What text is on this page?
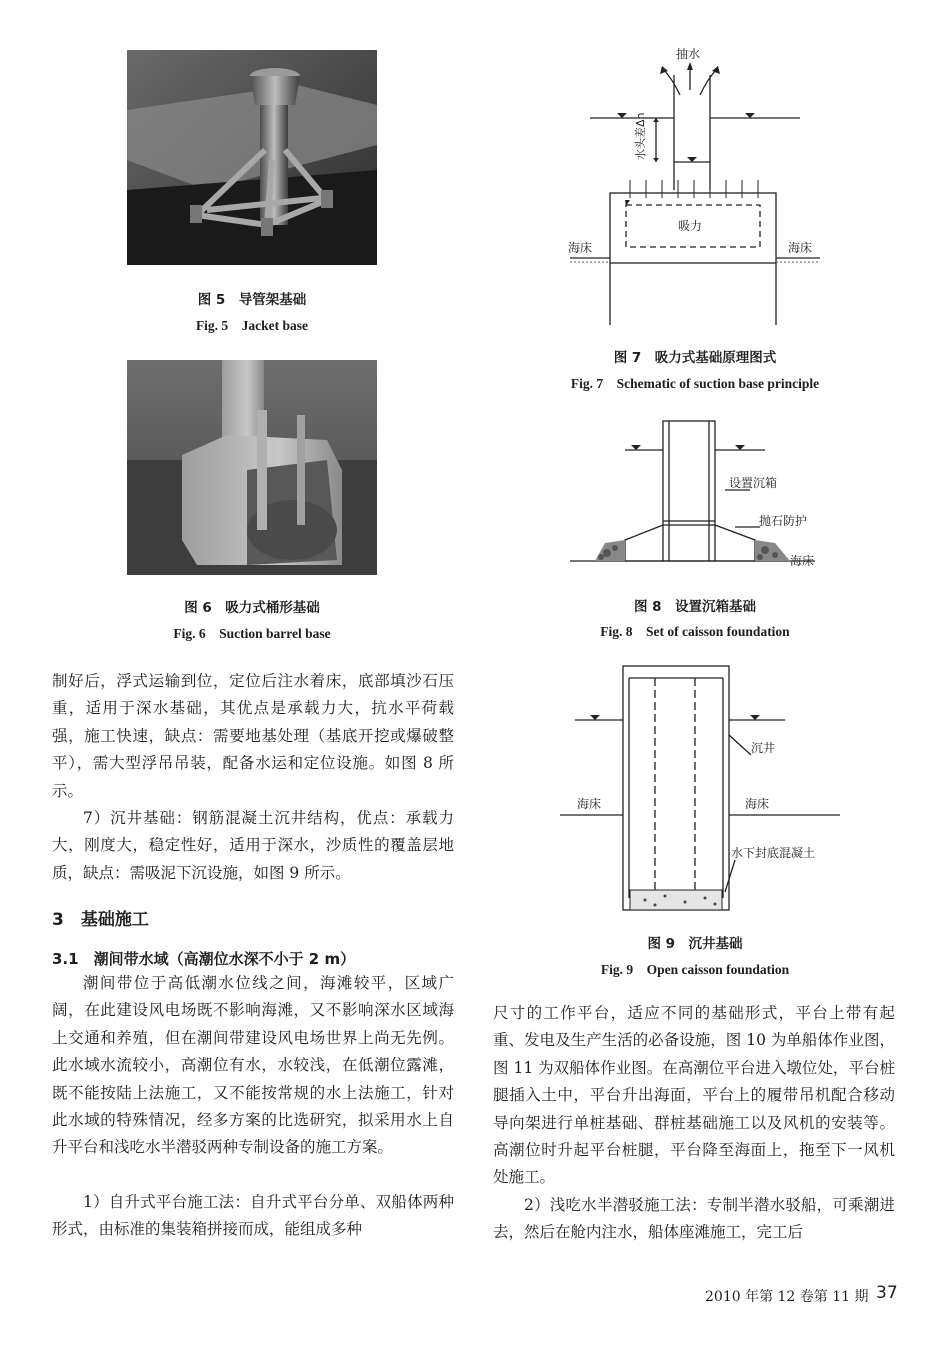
图 5　导管架基础
Fig. 5　Jacket base
图 6　吸力式桶形基础
Fig. 6　Suction barrel base
抽水
水头差Δh
吸力
海床	海床
图 7　吸力式基础原理图式
Fig. 7　Schematic of suction base principle
设置沉箱
抛石防护
海床
图 8　设置沉箱基础
Fig. 8　Set of caisson foundation
沉井
海床	海床
水下封底混凝土
图 9　沉井基础
Fig. 9　Open caisson foundation

制好后，浮式运输到位，定位后注水着床，底部填沙石压重，适用于深水基础，其优点是承载力大，抗水平荷载强，施工快速，缺点：需要地基处理（基底开挖或爆破整平），需大型浮吊吊装，配备水运和定位设施。如图 8 所示。

7）沉井基础：钢筋混凝土沉井结构，优点：承载力大，刚度大，稳定性好，适用于深水，沙质性的覆盖层地质，缺点：需吸泥下沉设施，如图 9 所示。

3　基础施工
3.1　潮间带水域（高潮位水深不小于 2 m）

潮间带位于高低潮水位线之间，海滩较平，区域广阔，在此建设风电场既不影响海滩，又不影响深水区域海上交通和养殖，但在潮间带建设风电场世界上尚无先例。此水域水流较小，高潮位有水，水较浅，在低潮位露滩，既不能按陆上法施工，又不能按常规的水上法施工，针对此水域的特殊情况，经多方案的比选研究，拟采用水上自升平台和浅吃水半潜驳两种专制设备的施工方案。

1）自升式平台施工法：自升式平台分单、双船体两种形式，由标准的集装箱拼接而成，能组成多种

尺寸的工作平台，适应不同的基础形式，平台上带有起重、发电及生产生活的必备设施，图 10 为单船体作业图，图 11 为双船体作业图。在高潮位平台进入墩位处，平台桩腿插入土中，平台升出海面，平台上的履带吊机配合移动导向架进行单桩基础、群桩基础施工以及风机的安装等。高潮位时升起平台桩腿，平台降至海面上，拖至下一风机处施工。

2）浅吃水半潜驳施工法：专制半潜水驳船，可乘潮进去，然后在舱内注水，船体座滩施工，完工后

2010 年第 12 卷第 11 期 37
